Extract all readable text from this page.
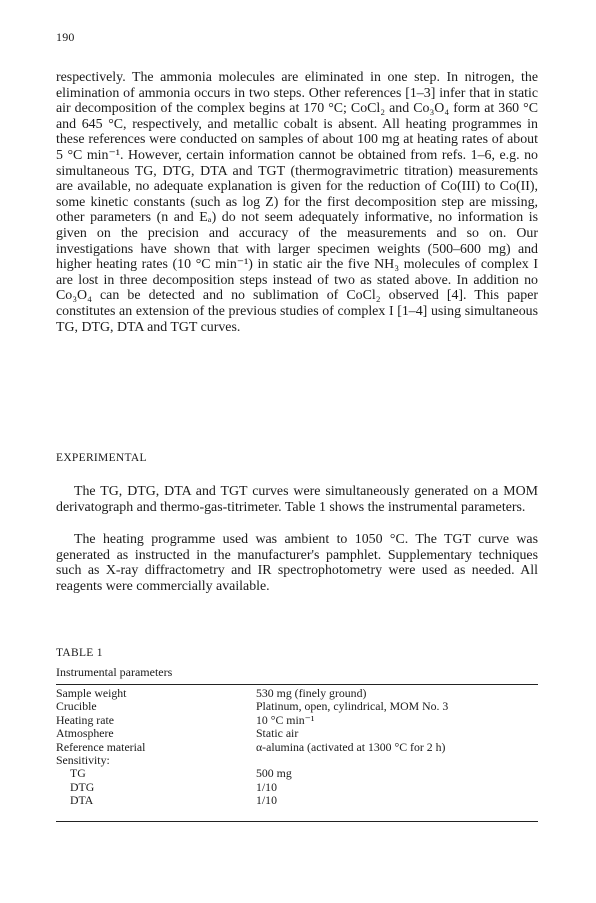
190

respectively. The ammonia molecules are eliminated in one step. In nitrogen, the elimination of ammonia occurs in two steps. Other references [1–3] infer that in static air decomposition of the complex begins at 170 °C; CoCl₂ and Co₃O₄ form at 360 °C and 645 °C, respectively, and metallic cobalt is absent. All heating programmes in these references were conducted on samples of about 100 mg at heating rates of about 5 °C min⁻¹. However, certain information cannot be obtained from refs. 1–6, e.g. no simultaneous TG, DTG, DTA and TGT (thermogravimetric titration) measurements are available, no adequate explanation is given for the reduction of Co(III) to Co(II), some kinetic constants (such as log Z) for the first decomposition step are missing, other parameters (n and Eₐ) do not seem adequately informative, no information is given on the precision and accuracy of the measurements and so on. Our investigations have shown that with larger specimen weights (500–600 mg) and higher heating rates (10 °C min⁻¹) in static air the five NH₃ molecules of complex I are lost in three decomposition steps instead of two as stated above. In addition no Co₃O₄ can be detected and no sublimation of CoCl₂ observed [4]. This paper constitutes an extension of the previous studies of complex I [1–4] using simultaneous TG, DTG, DTA and TGT curves.

EXPERIMENTAL

The TG, DTG, DTA and TGT curves were simultaneously generated on a MOM derivatograph and thermo-gas-titrimeter. Table 1 shows the instrumental parameters.

The heating programme used was ambient to 1050 °C. The TGT curve was generated as instructed in the manufacturer's pamphlet. Supplementary techniques such as X-ray diffractometry and IR spectrophotometry were used as needed. All reagents were commercially available.

TABLE 1
Instrumental parameters
Sample weight	530 mg (finely ground)
Crucible	Platinum, open, cylindrical, MOM No. 3
Heating rate	10 °C min⁻¹
Atmosphere	Static air
Reference material	α-alumina (activated at 1300 °C for 2 h)
Sensitivity:	
TG	500 mg
DTG	1/10
DTA	1/10
